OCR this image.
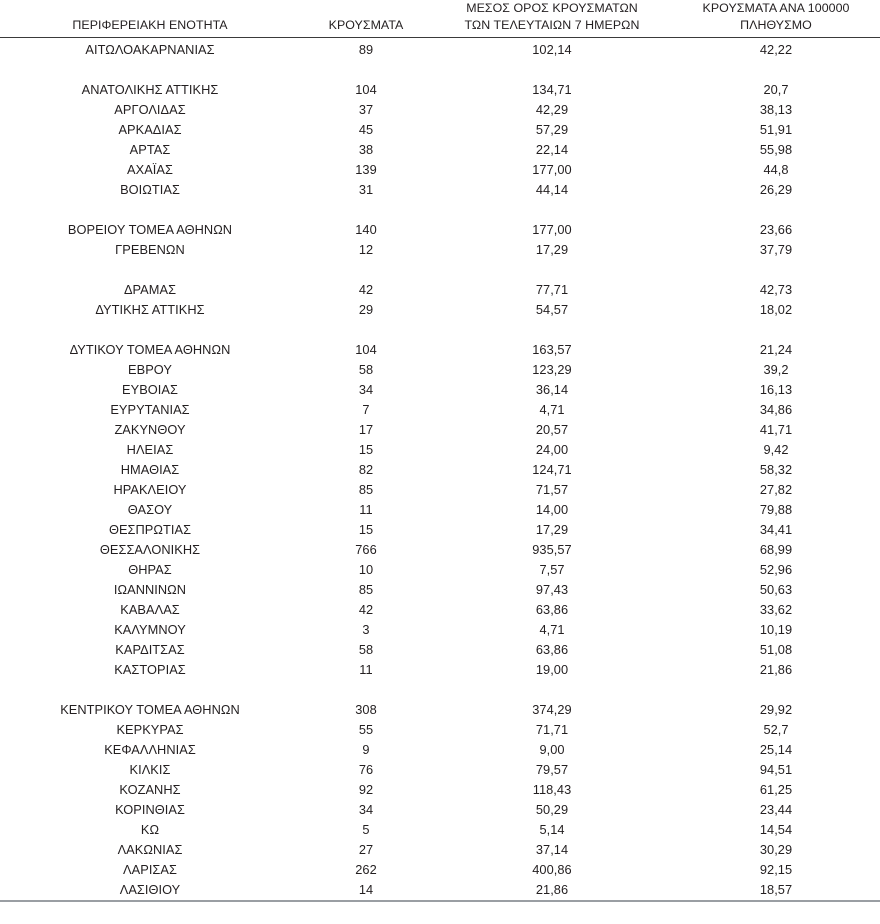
ΠΕΡΙΦΕΡΕΙΑΚΗ ΕΝΟΤΗΤΑ	ΚΡΟΥΣΜΑΤΑ	ΜΕΣΟΣ ΟΡΟΣ ΚΡΟΥΣΜΑΤΩΝ
ΤΩΝ ΤΕΛΕΥΤΑΙΩΝ 7 ΗΜΕΡΩΝ	ΚΡΟΥΣΜΑΤΑ ΑΝΑ 100000
ΠΛΗΘΥΣΜΟ

ΑΙΤΩΛΟΑΚΑΡΝΑΝΙΑΣ	89	102,14	42,22

ΑΝΑΤΟΛΙΚΗΣ ΑΤΤΙΚΗΣ	104	134,71	20,7
ΑΡΓΟΛΙΔΑΣ	37	42,29	38,13
ΑΡΚΑΔΙΑΣ	45	57,29	51,91
ΑΡΤΑΣ	38	22,14	55,98
ΑΧΑΪΑΣ	139	177,00	44,8
ΒΟΙΩΤΙΑΣ	31	44,14	26,29

ΒΟΡΕΙΟΥ ΤΟΜΕΑ ΑΘΗΝΩΝ	140	177,00	23,66
ΓΡΕΒΕΝΩΝ	12	17,29	37,79

ΔΡΑΜΑΣ	42	77,71	42,73
ΔΥΤΙΚΗΣ ΑΤΤΙΚΗΣ	29	54,57	18,02

ΔΥΤΙΚΟΥ ΤΟΜΕΑ ΑΘΗΝΩΝ	104	163,57	21,24
ΕΒΡΟΥ	58	123,29	39,2
ΕΥΒΟΙΑΣ	34	36,14	16,13
ΕΥΡΥΤΑΝΙΑΣ	7	4,71	34,86
ΖΑΚΥΝΘΟΥ	17	20,57	41,71
ΗΛΕΙΑΣ	15	24,00	9,42
ΗΜΑΘΙΑΣ	82	124,71	58,32
ΗΡΑΚΛΕΙΟΥ	85	71,57	27,82
ΘΑΣΟΥ	11	14,00	79,88
ΘΕΣΠΡΩΤΙΑΣ	15	17,29	34,41
ΘΕΣΣΑΛΟΝΙΚΗΣ	766	935,57	68,99
ΘΗΡΑΣ	10	7,57	52,96
ΙΩΑΝΝΙΝΩΝ	85	97,43	50,63
ΚΑΒΑΛΑΣ	42	63,86	33,62
ΚΑΛΥΜΝΟΥ	3	4,71	10,19
ΚΑΡΔΙΤΣΑΣ	58	63,86	51,08
ΚΑΣΤΟΡΙΑΣ	11	19,00	21,86

ΚΕΝΤΡΙΚΟΥ ΤΟΜΕΑ ΑΘΗΝΩΝ	308	374,29	29,92
ΚΕΡΚΥΡΑΣ	55	71,71	52,7
ΚΕΦΑΛΛΗΝΙΑΣ	9	9,00	25,14
ΚΙΛΚΙΣ	76	79,57	94,51
ΚΟΖΑΝΗΣ	92	118,43	61,25
ΚΟΡΙΝΘΙΑΣ	34	50,29	23,44
ΚΩ	5	5,14	14,54
ΛΑΚΩΝΙΑΣ	27	37,14	30,29
ΛΑΡΙΣΑΣ	262	400,86	92,15
ΛΑΣΙΘΙΟΥ	14	21,86	18,57
